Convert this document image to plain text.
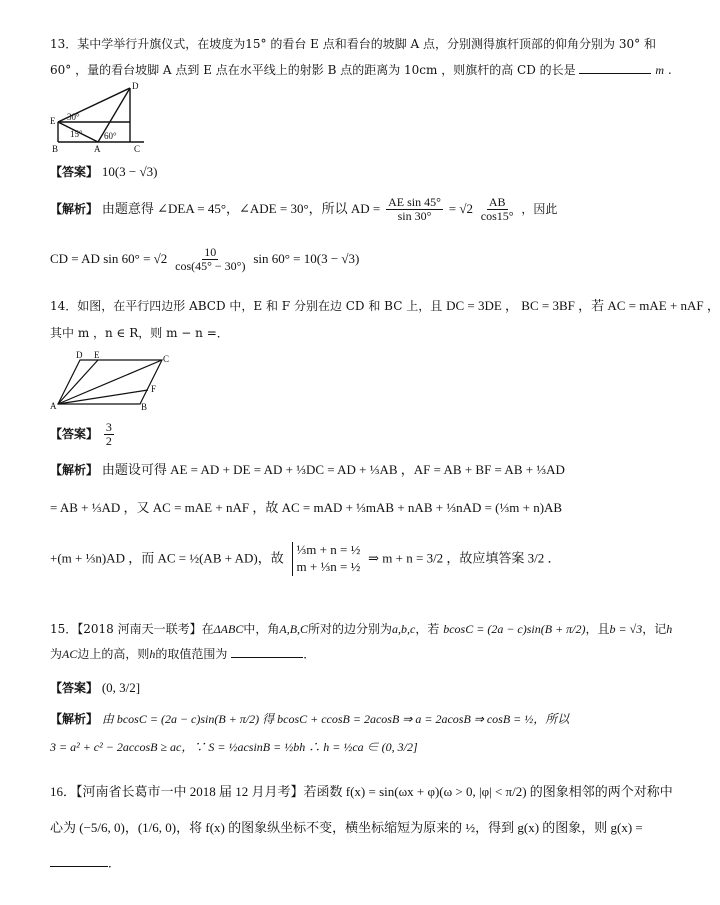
13．某中学举行升旗仪式，在坡度为15° 的看台 E 点和看台的坡脚 A 点，分别测得旗杆顶部的仰角分别为 30° 和
60° ，量的看台坡脚 A 点到 E 点在水平线上的射影 B 点的距离为 10cm ，则旗杆的高 CD 的长是	m .
D
E
B	A	C
30°
15° 60°
【答案】 10(3 − √3)
【解析】 由题意得 ∠DEA = 45°，∠ADE = 30°，所以 AD = $\frac{\text{AE sin 45°}}{\sin 30^\circ} = √2 \frac{AB}{\cos 15^\circ}$ ，因此
CD = AD $\sin 60^\circ = √2 \frac{10}{\cos(45^\circ - 30^\circ)}$ sin 60° = 10(3 − √3)
14．如图，在平行四边形 ABCD 中，E 和 F 分别在边 CD 和 BC 上，且 DC = 3DE ， BC = 3BF ，若 AC = mAE + nAF ，
其中 m ，n ∈ R，则 m − n =．
D E	C
F
A	B
【答案】 $\frac{3}{2}$
【解析】 由题设可得 AE = AD + DE = AD + ⅓DC = AD + ⅓AB ，AF = AB + BF = AB + ⅓AD
= AB + ⅓AD ，又 AC = mAE + nAF ，故 AC = mAD + ⅓mAB + nAB + ⅓nAD = (⅓m + n)AB
+(m + ⅓n)AD ，而 AC = ½(AB + AD)，故
⅓m + n = ½
m + ⅓n = ½
⇒ m + n = 3/2 ，故应填答案 3/2 ．
15．【2018 河南天一联考】在ΔABC中，角A,B,C所对的边分别为a,b,c，若 bcosC = (2a − c)sin(B + π/2)，且b = √3，记h
为AC边上的高，则h的取值范围为	．
【答案】 (0, 3/2]
【解析】 由 bcosC = (2a − c)sin(B + π/2) 得 bcosC + ccosB = 2acosB ⇒ a = 2acosB ⇒ cosB = ½，所以
3 = a² + c² − 2accosB ≥ ac，∵ S = ½acsinB = ½bh ∴ h = ½ca ∈ (0, 3/2]
16．【河南省长葛市一中 2018 届 12 月月考】若函数 f(x) = sin(ωx + φ)(ω > 0, |φ| < π/2) 的图象相邻的两个对称中
心为 (−5/6, 0)，(1/6, 0)，将 f(x) 的图象纵坐标不变，横坐标缩短为原来的 ½，得到 g(x) 的图象，则 g(x) =
．
